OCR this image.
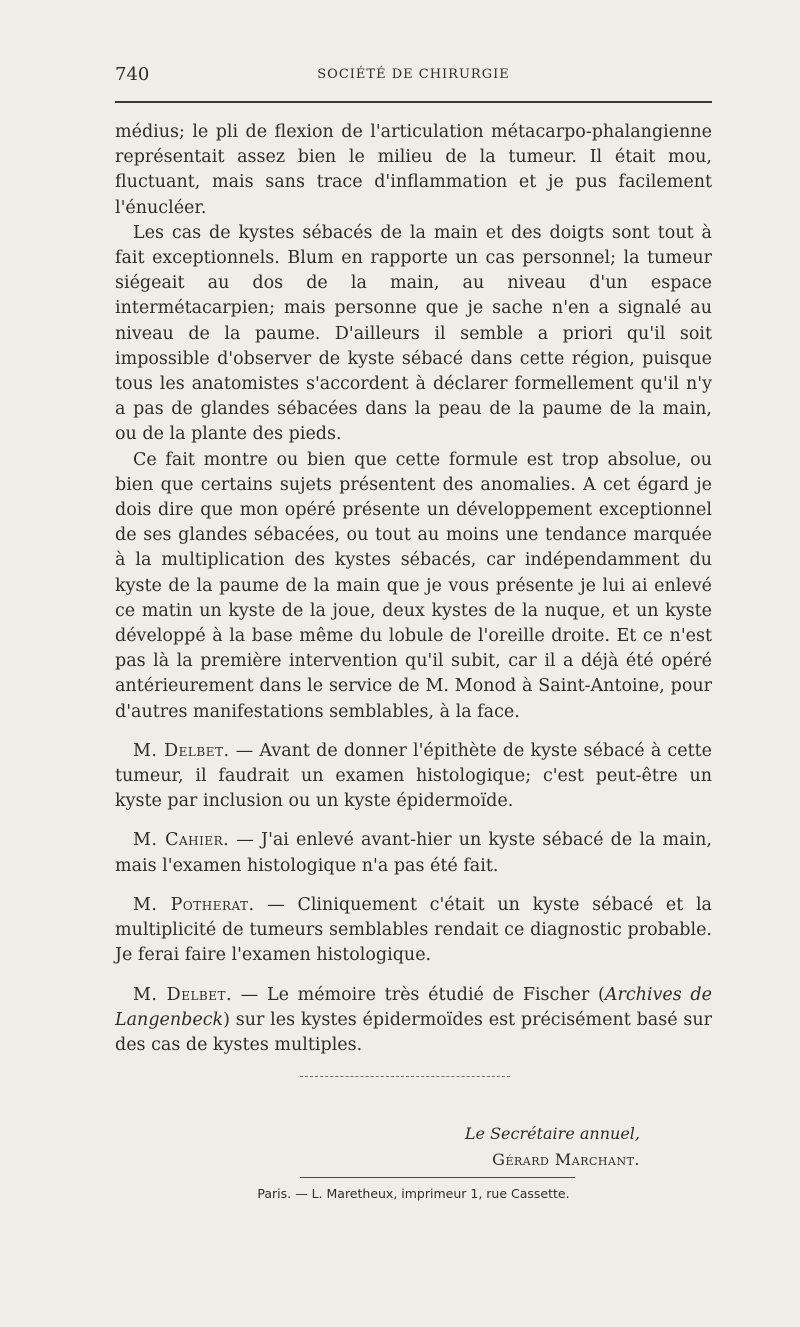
740	SOCIÉTÉ DE CHIRURGIE

médius; le pli de flexion de l'articulation métacarpo-phalangienne représentait assez bien le milieu de la tumeur. Il était mou, fluctuant, mais sans trace d'inflammation et je pus facilement l'énucléer.

Les cas de kystes sébacés de la main et des doigts sont tout à fait exceptionnels. Blum en rapporte un cas personnel; la tumeur siégeait au dos de la main, au niveau d'un espace intermétacarpien; mais personne que je sache n'en a signalé au niveau de la paume. D'ailleurs il semble a priori qu'il soit impossible d'observer de kyste sébacé dans cette région, puisque tous les anatomistes s'accordent à déclarer formellement qu'il n'y a pas de glandes sébacées dans la peau de la paume de la main, ou de la plante des pieds.

Ce fait montre ou bien que cette formule est trop absolue, ou bien que certains sujets présentent des anomalies. A cet égard je dois dire que mon opéré présente un développement exceptionnel de ses glandes sébacées, ou tout au moins une tendance marquée à la multiplication des kystes sébacés, car indépendamment du kyste de la paume de la main que je vous présente je lui ai enlevé ce matin un kyste de la joue, deux kystes de la nuque, et un kyste développé à la base même du lobule de l'oreille droite. Et ce n'est pas là la première intervention qu'il subit, car il a déjà été opéré antérieurement dans le service de M. Monod à Saint-Antoine, pour d'autres manifestations semblables, à la face.

M. Delbet. — Avant de donner l'épithète de kyste sébacé à cette tumeur, il faudrait un examen histologique; c'est peut-être un kyste par inclusion ou un kyste épidermoïde.

M. Cahier. — J'ai enlevé avant-hier un kyste sébacé de la main, mais l'examen histologique n'a pas été fait.

M. Potherat. — Cliniquement c'était un kyste sébacé et la multiplicité de tumeurs semblables rendait ce diagnostic probable. Je ferai faire l'examen histologique.

M. Delbet. — Le mémoire très étudié de Fischer (Archives de Langenbeck) sur les kystes épidermoïdes est précisément basé sur des cas de kystes multiples.

Le Secrétaire annuel,
Gérard Marchant.
Paris. — L. Maretheux, imprimeur 1, rue Cassette.
